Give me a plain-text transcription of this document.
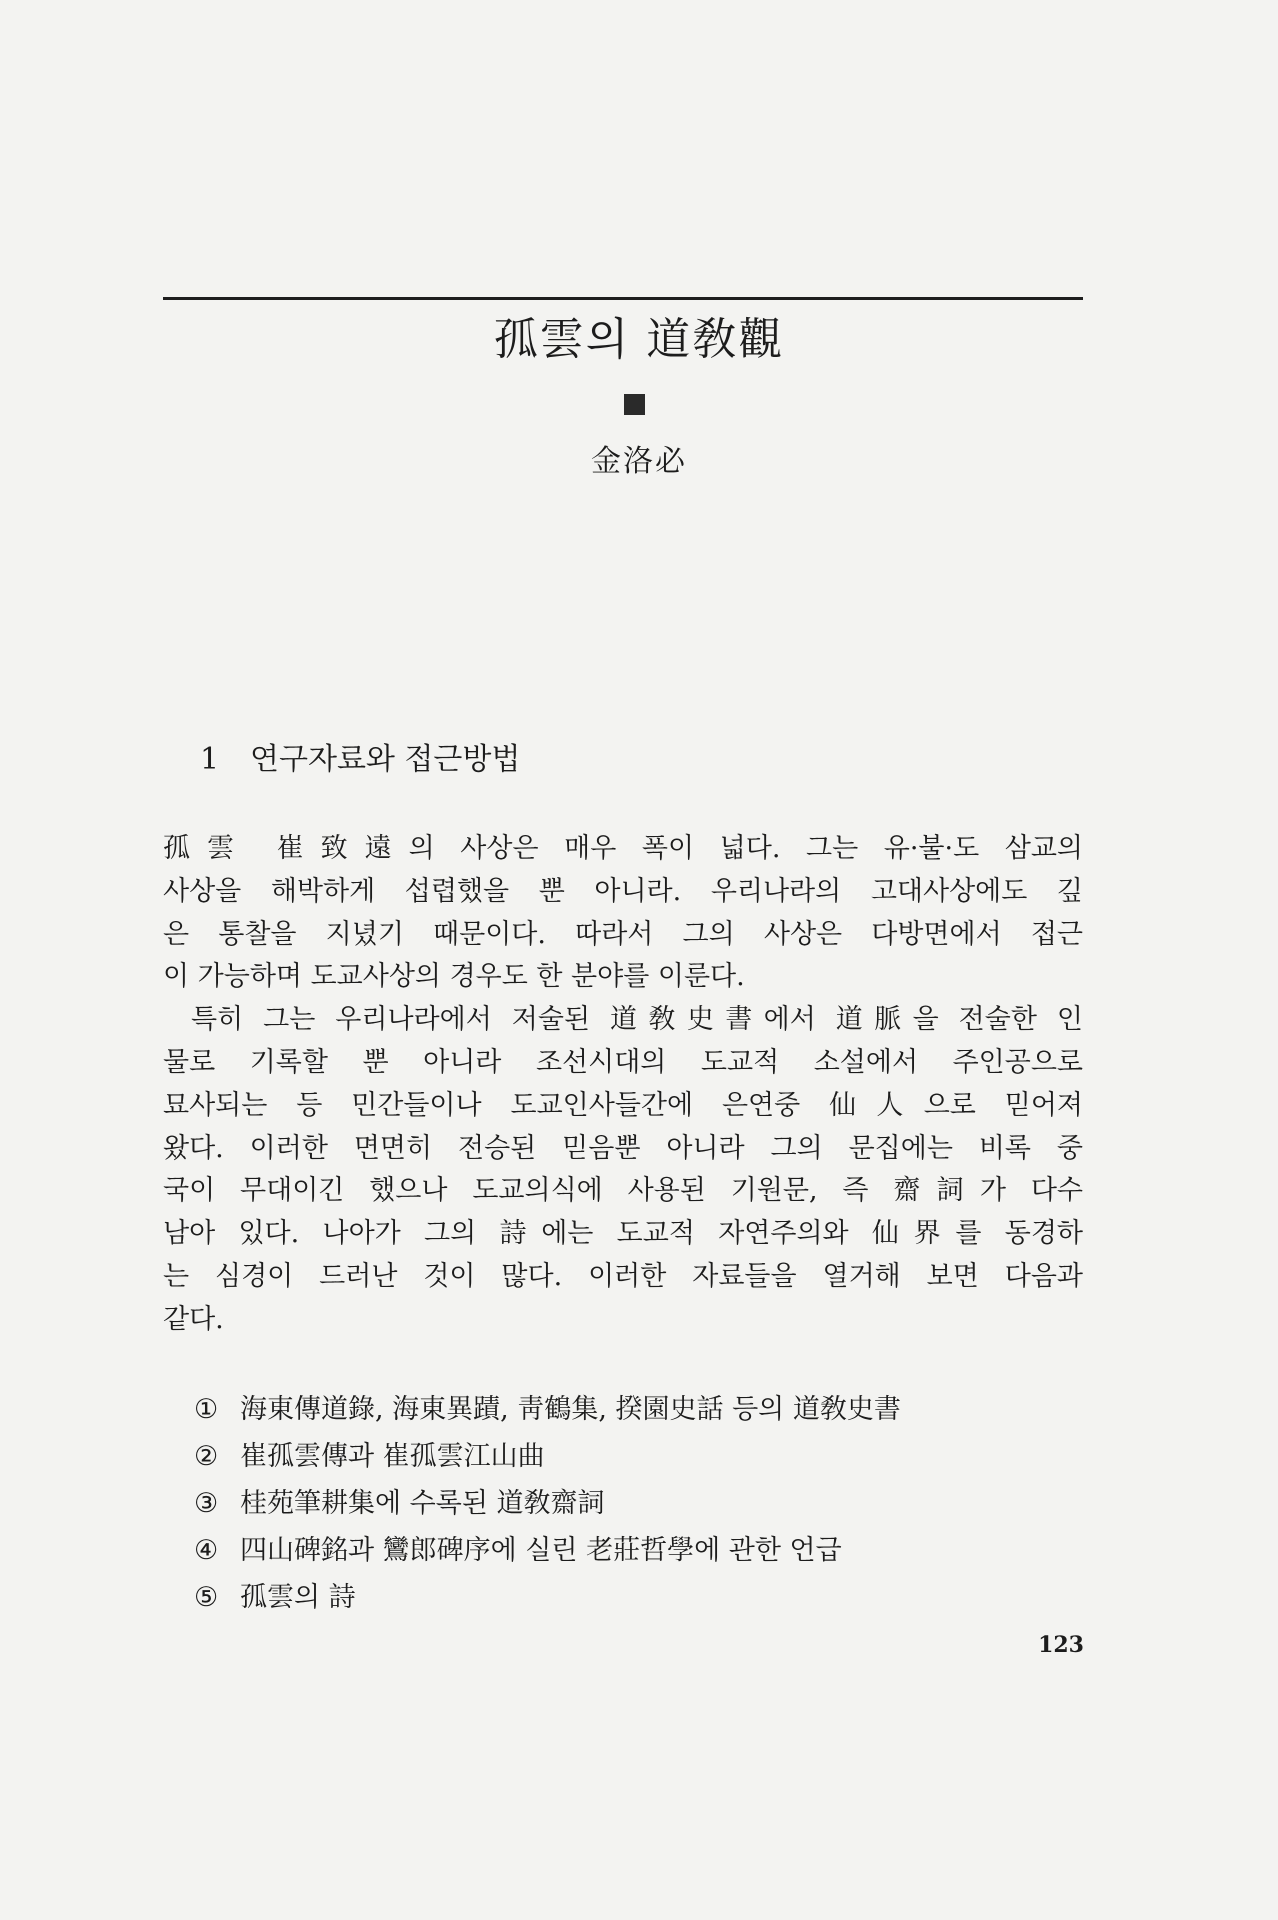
孤雲의 道敎觀
金洛必
1 연구자료와 접근방법
孤雲 崔致遠의 사상은 매우 폭이 넓다. 그는 유·불·도 삼교의
사상을 해박하게 섭렵했을 뿐 아니라. 우리나라의 고대사상에도 깊
은 통찰을 지녔기 때문이다. 따라서 그의 사상은 다방면에서 접근
이 가능하며 도교사상의 경우도 한 분야를 이룬다.
특히 그는 우리나라에서 저술된 道敎史書에서 道脈을 전술한 인
물로 기록할 뿐 아니라 조선시대의 도교적 소설에서 주인공으로
묘사되는 등 민간들이나 도교인사들간에 은연중 仙人으로 믿어져
왔다. 이러한 면면히 전승된 믿음뿐 아니라 그의 문집에는 비록 중
국이 무대이긴 했으나 도교의식에 사용된 기원문, 즉 齋詞가 다수
남아 있다. 나아가 그의 詩에는 도교적 자연주의와 仙界를 동경하
는 심경이 드러난 것이 많다. 이러한 자료들을 열거해 보면 다음과
같다.
① 海東傳道錄, 海東異蹟, 靑鶴集, 揆園史話 등의 道敎史書
② 崔孤雲傳과 崔孤雲江山曲
③ 桂苑筆耕集에 수록된 道敎齋詞
④ 四山碑銘과 鸞郎碑序에 실린 老莊哲學에 관한 언급
⑤ 孤雲의 詩
123
